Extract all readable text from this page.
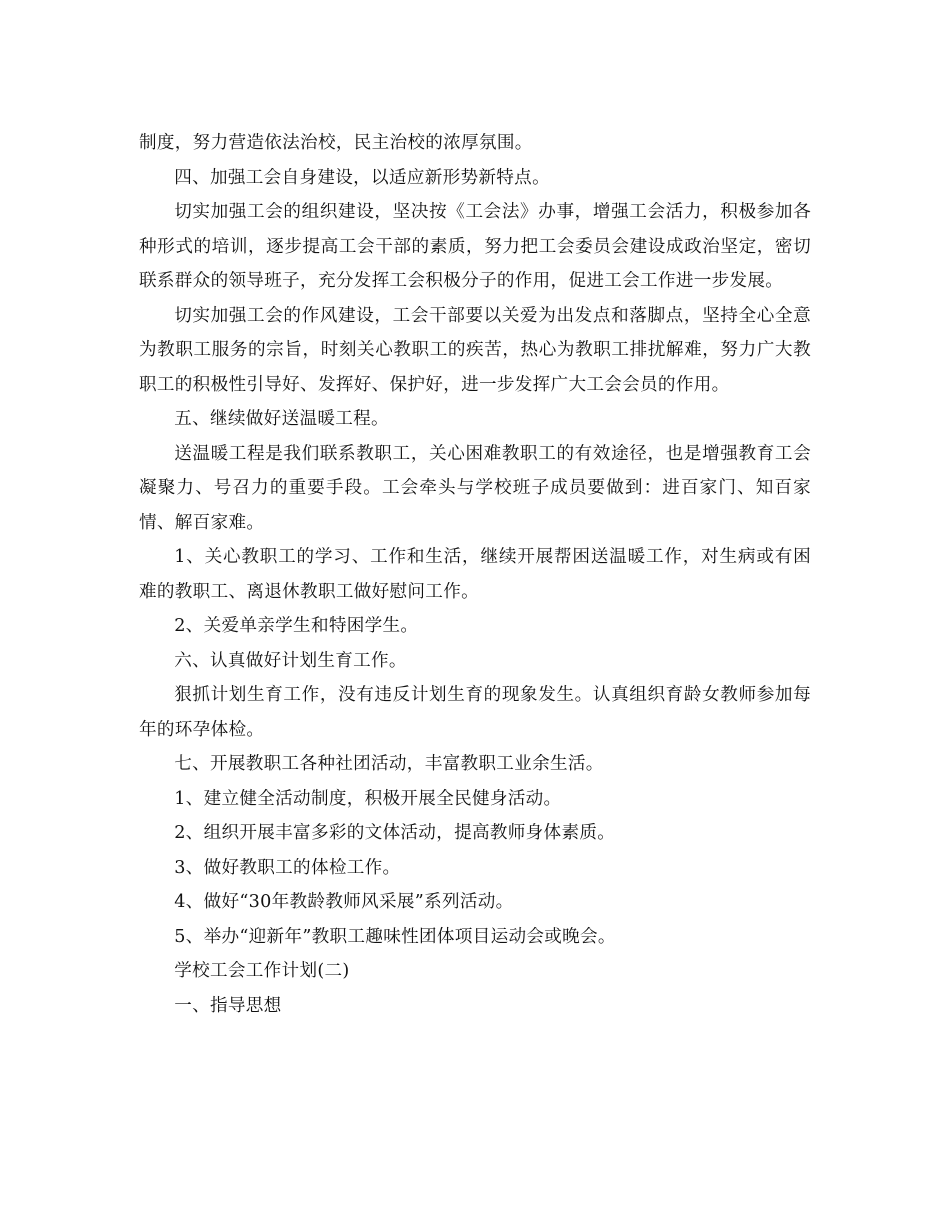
制度，努力营造依法治校，民主治校的浓厚氛围。

四、加强工会自身建设，以适应新形势新特点。

切实加强工会的组织建设，坚决按《工会法》办事，增强工会活力，积极参加各种形式的培训，逐步提高工会干部的素质，努力把工会委员会建设成政治坚定，密切联系群众的领导班子，充分发挥工会积极分子的作用，促进工会工作进一步发展。

切实加强工会的作风建设，工会干部要以关爱为出发点和落脚点，坚持全心全意为教职工服务的宗旨，时刻关心教职工的疾苦，热心为教职工排扰解难，努力广大教职工的积极性引导好、发挥好、保护好，进一步发挥广大工会会员的作用。

五、继续做好送温暖工程。

送温暖工程是我们联系教职工，关心困难教职工的有效途径，也是增强教育工会凝聚力、号召力的重要手段。工会牵头与学校班子成员要做到：进百家门、知百家情、解百家难。

1、关心教职工的学习、工作和生活，继续开展帮困送温暖工作，对生病或有困难的教职工、离退休教职工做好慰问工作。

2、关爱单亲学生和特困学生。

六、认真做好计划生育工作。

狠抓计划生育工作，没有违反计划生育的现象发生。认真组织育龄女教师参加每年的环孕体检。

七、开展教职工各种社团活动，丰富教职工业余生活。

1、建立健全活动制度，积极开展全民健身活动。

2、组织开展丰富多彩的文体活动，提高教师身体素质。

3、做好教职工的体检工作。

4、做好“30年教龄教师风采展”系列活动。

5、举办“迎新年”教职工趣味性团体项目运动会或晚会。

学校工会工作计划(二)

一、指导思想
